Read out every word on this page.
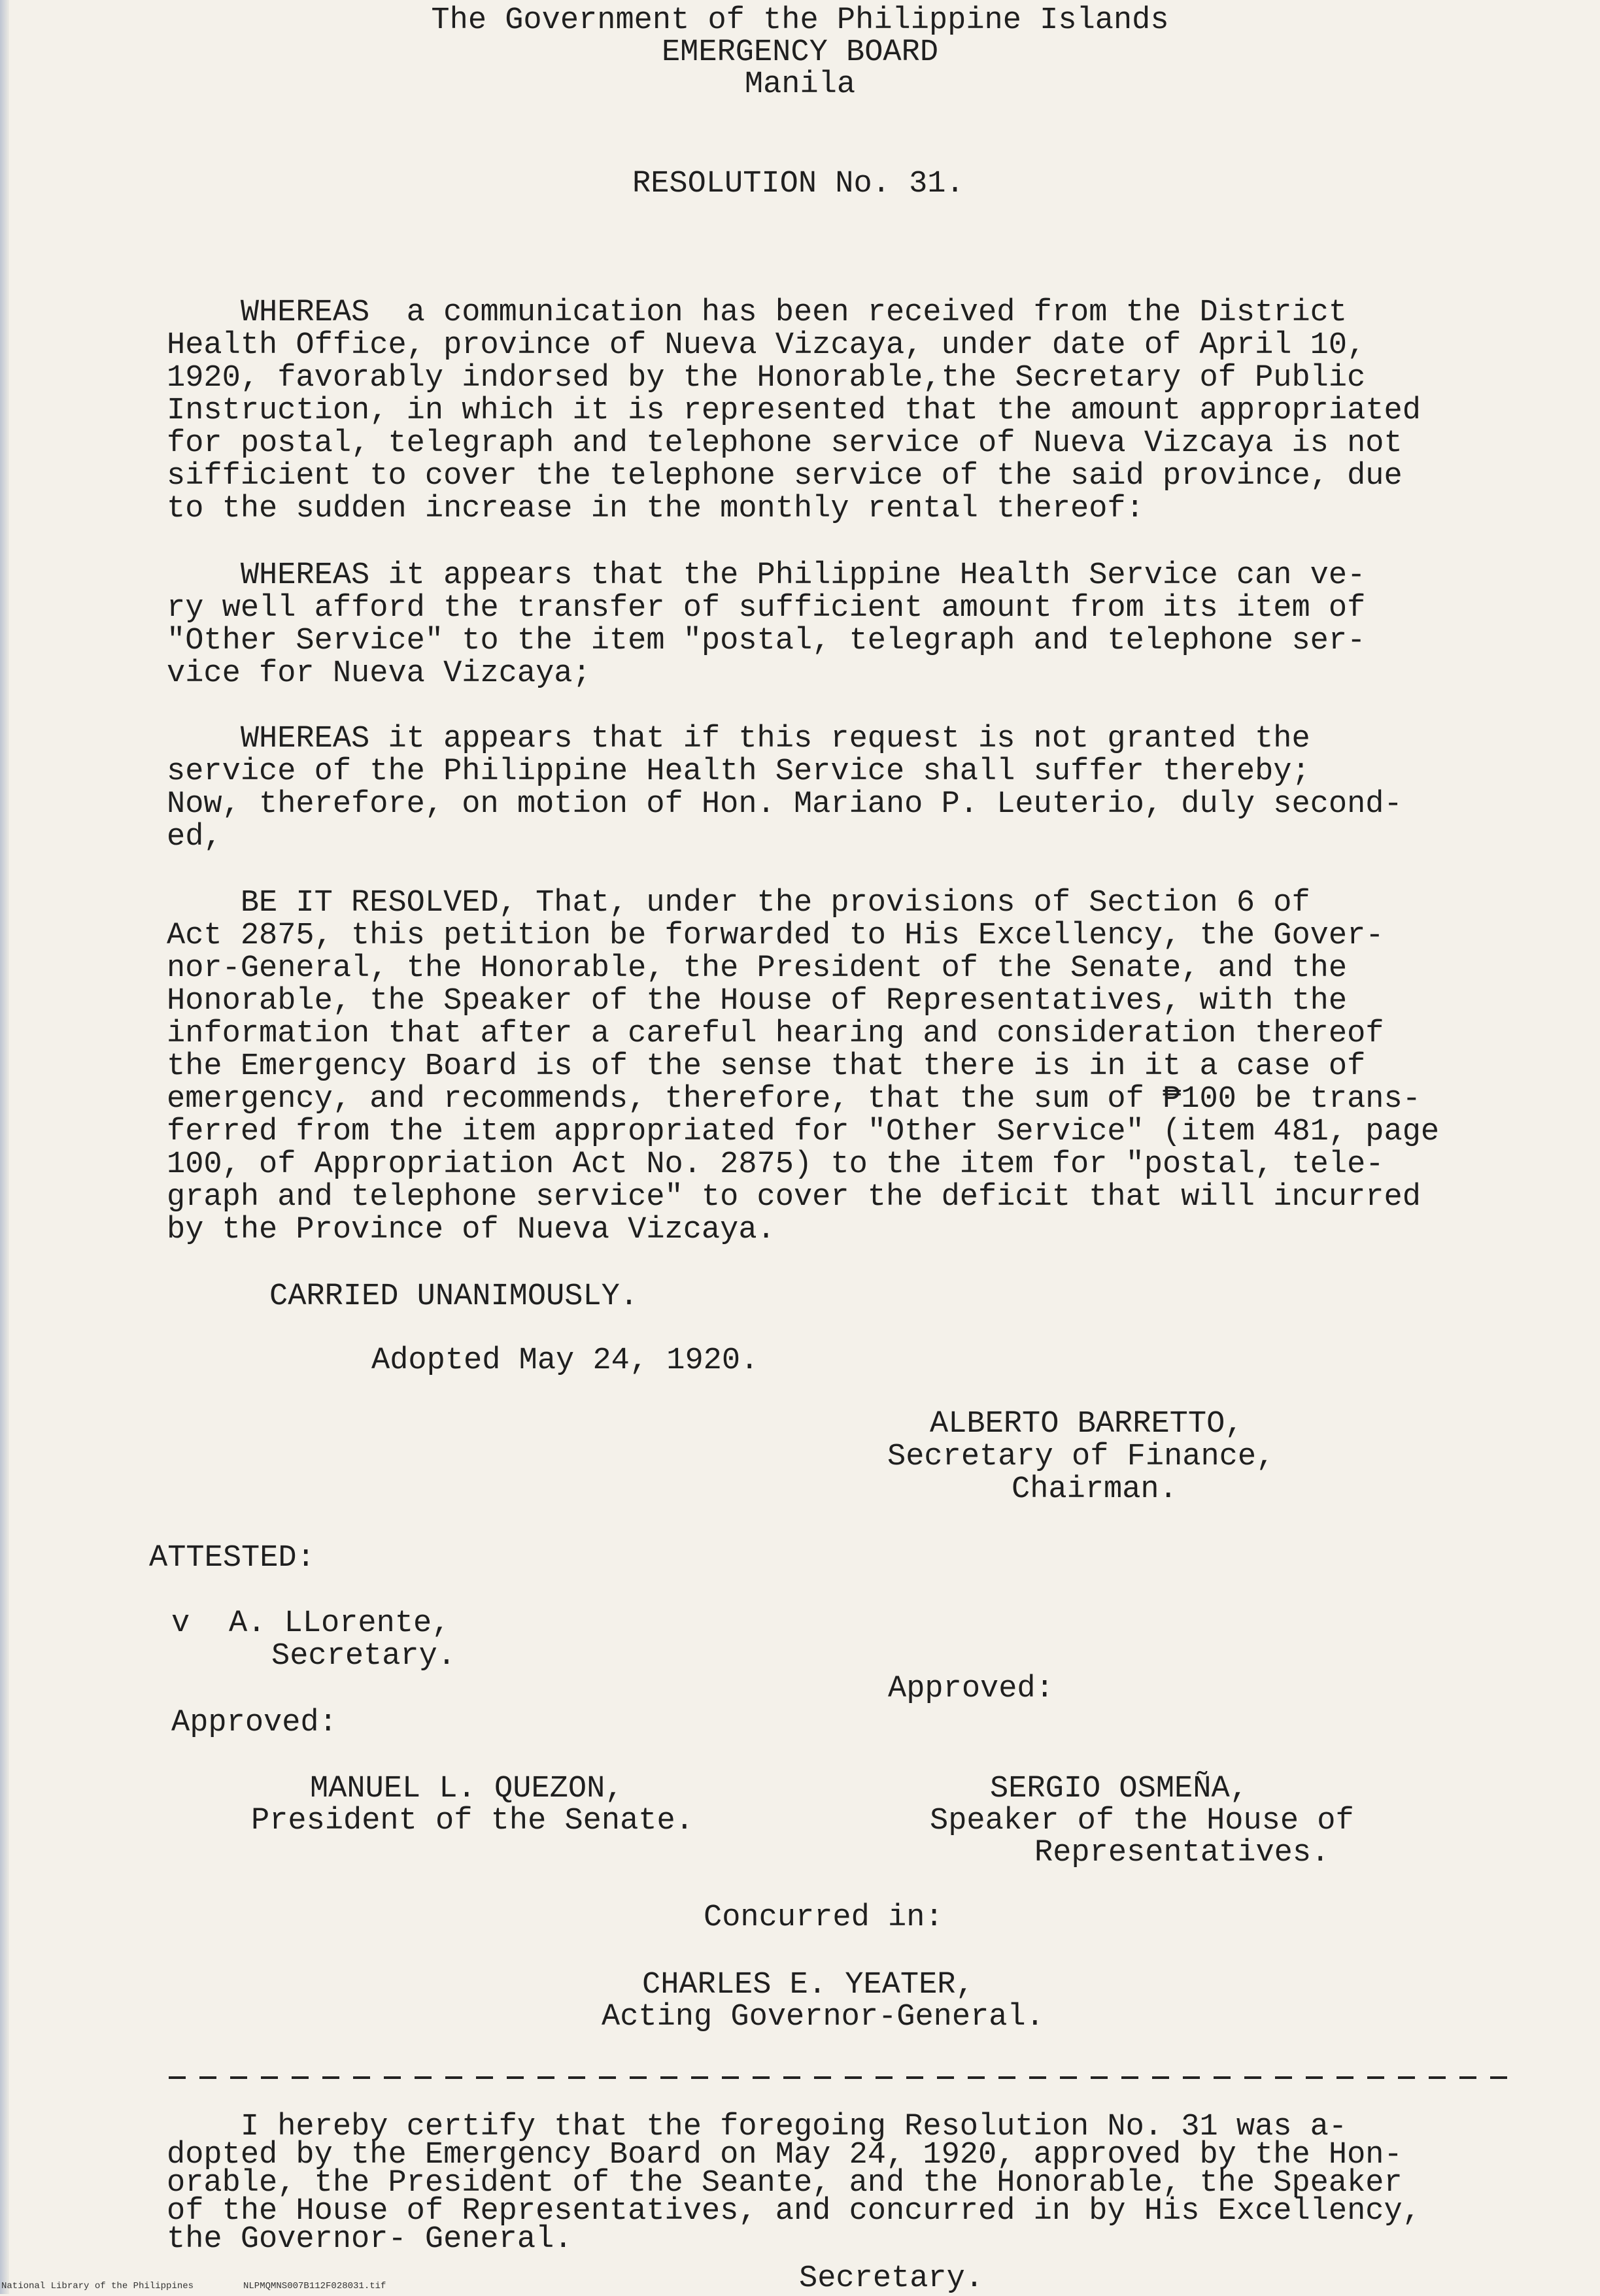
The Government of the Philippine Islands
EMERGENCY BOARD
Manila
RESOLUTION No. 31.
WHEREAS  a communication has been received from the District
Health Office, province of Nueva Vizcaya, under date of April 10,
1920, favorably indorsed by the Honorable,the Secretary of Public
Instruction, in which it is represented that the amount appropriated
for postal, telegraph and telephone service of Nueva Vizcaya is not
sifficient to cover the telephone service of the said province, due
to the sudden increase in the monthly rental thereof:
WHEREAS it appears that the Philippine Health Service can ve-
ry well afford the transfer of sufficient amount from its item of
"Other Service" to the item "postal, telegraph and telephone ser-
vice for Nueva Vizcaya;
WHEREAS it appears that if this request is not granted the
service of the Philippine Health Service shall suffer thereby;
Now, therefore, on motion of Hon. Mariano P. Leuterio, duly second-
ed,
BE IT RESOLVED, That, under the provisions of Section 6 of
Act 2875, this petition be forwarded to His Excellency, the Gover-
nor-General, the Honorable, the President of the Senate, and the
Honorable, the Speaker of the House of Representatives, with the
information that after a careful hearing and consideration thereof
the Emergency Board is of the sense that there is in it a case of
emergency, and recommends, therefore, that the sum of ₱100 be trans-
ferred from the item appropriated for "Other Service" (item 481, page
100, of Appropriation Act No. 2875) to the item for "postal, tele-
graph and telephone service" to cover the deficit that will incurred
by the Province of Nueva Vizcaya.
CARRIED UNANIMOUSLY.
Adopted May 24, 1920.
ALBERTO BARRETTO,
Secretary of Finance,
Chairman.
ATTESTED:
v A. LLorente,
Secretary.
Approved:
Approved:
MANUEL L. QUEZON,
President of the Senate.
SERGIO OSMEÑA,
Speaker of the House of
Representatives.
Concurred in:
CHARLES E. YEATER,
Acting Governor-General.
I hereby certify that the foregoing Resolution No. 31 was a-
dopted by the Emergency Board on May 24, 1920, approved by the Hon-
orable, the President of the Seante, and the Honorable, the Speaker
of the House of Representatives, and concurred in by His Excellency,
the Governor- General.
Secretary.
National Library of the Philippines	NLPMQMNS007B112F028031.tif
